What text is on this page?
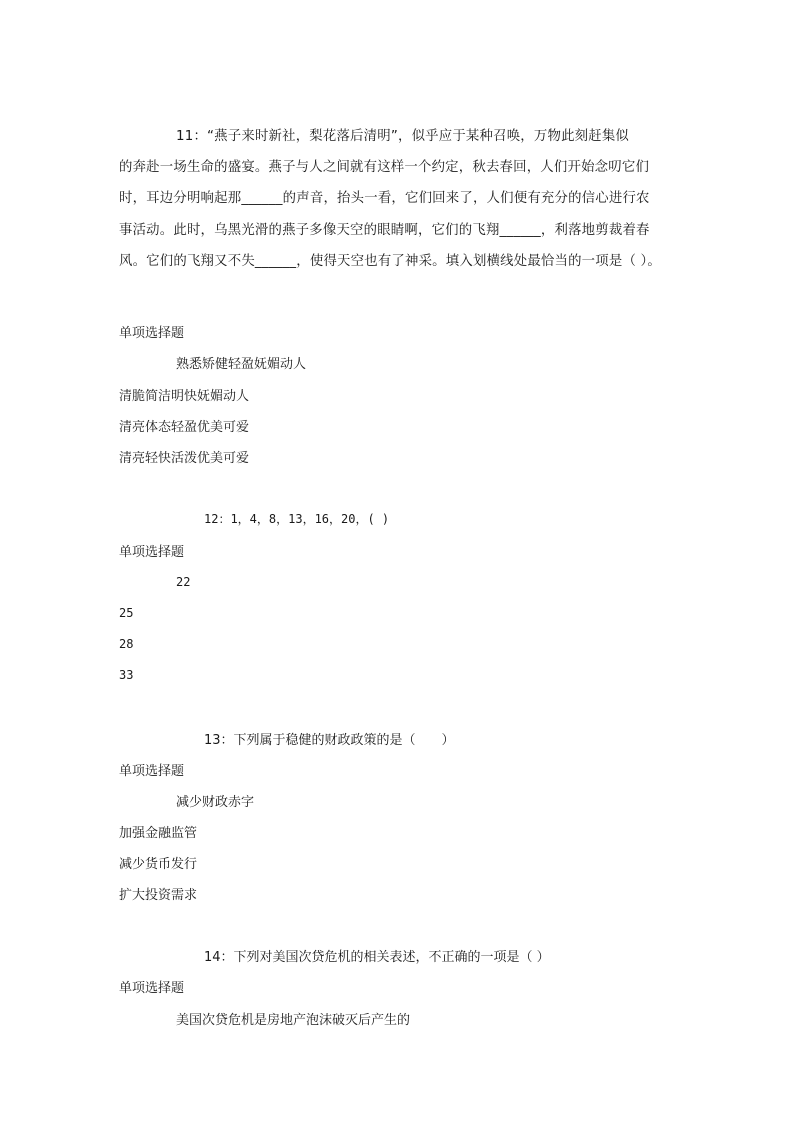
11：“燕子来时新社，梨花落后清明”，似乎应于某种召唤，万物此刻赶集似

的奔赴一场生命的盛宴。燕子与人之间就有这样一个约定，秋去春回，人们开始念叨它们

时，耳边分明响起那______的声音，抬头一看，它们回来了，人们便有充分的信心进行农

事活动。此时，乌黑光滑的燕子多像天空的眼睛啊，它们的飞翔______，利落地剪裁着春

风。它们的飞翔又不失______，使得天空也有了神采。填入划横线处最恰当的一项是（ ）。

单项选择题
熟悉矫健轻盈妩媚动人
清脆简洁明快妩媚动人
清亮体态轻盈优美可爱
清亮轻快活泼优美可爱
12：1，4，8，13，16，20，( )
单项选择题
22
25
28
33
13：下列属于稳健的财政政策的是（　　）
单项选择题
减少财政赤字
加强金融监管
减少货币发行
扩大投资需求
14：下列对美国次贷危机的相关表述，不正确的一项是（ ）
单项选择题
美国次贷危机是房地产泡沫破灭后产生的
